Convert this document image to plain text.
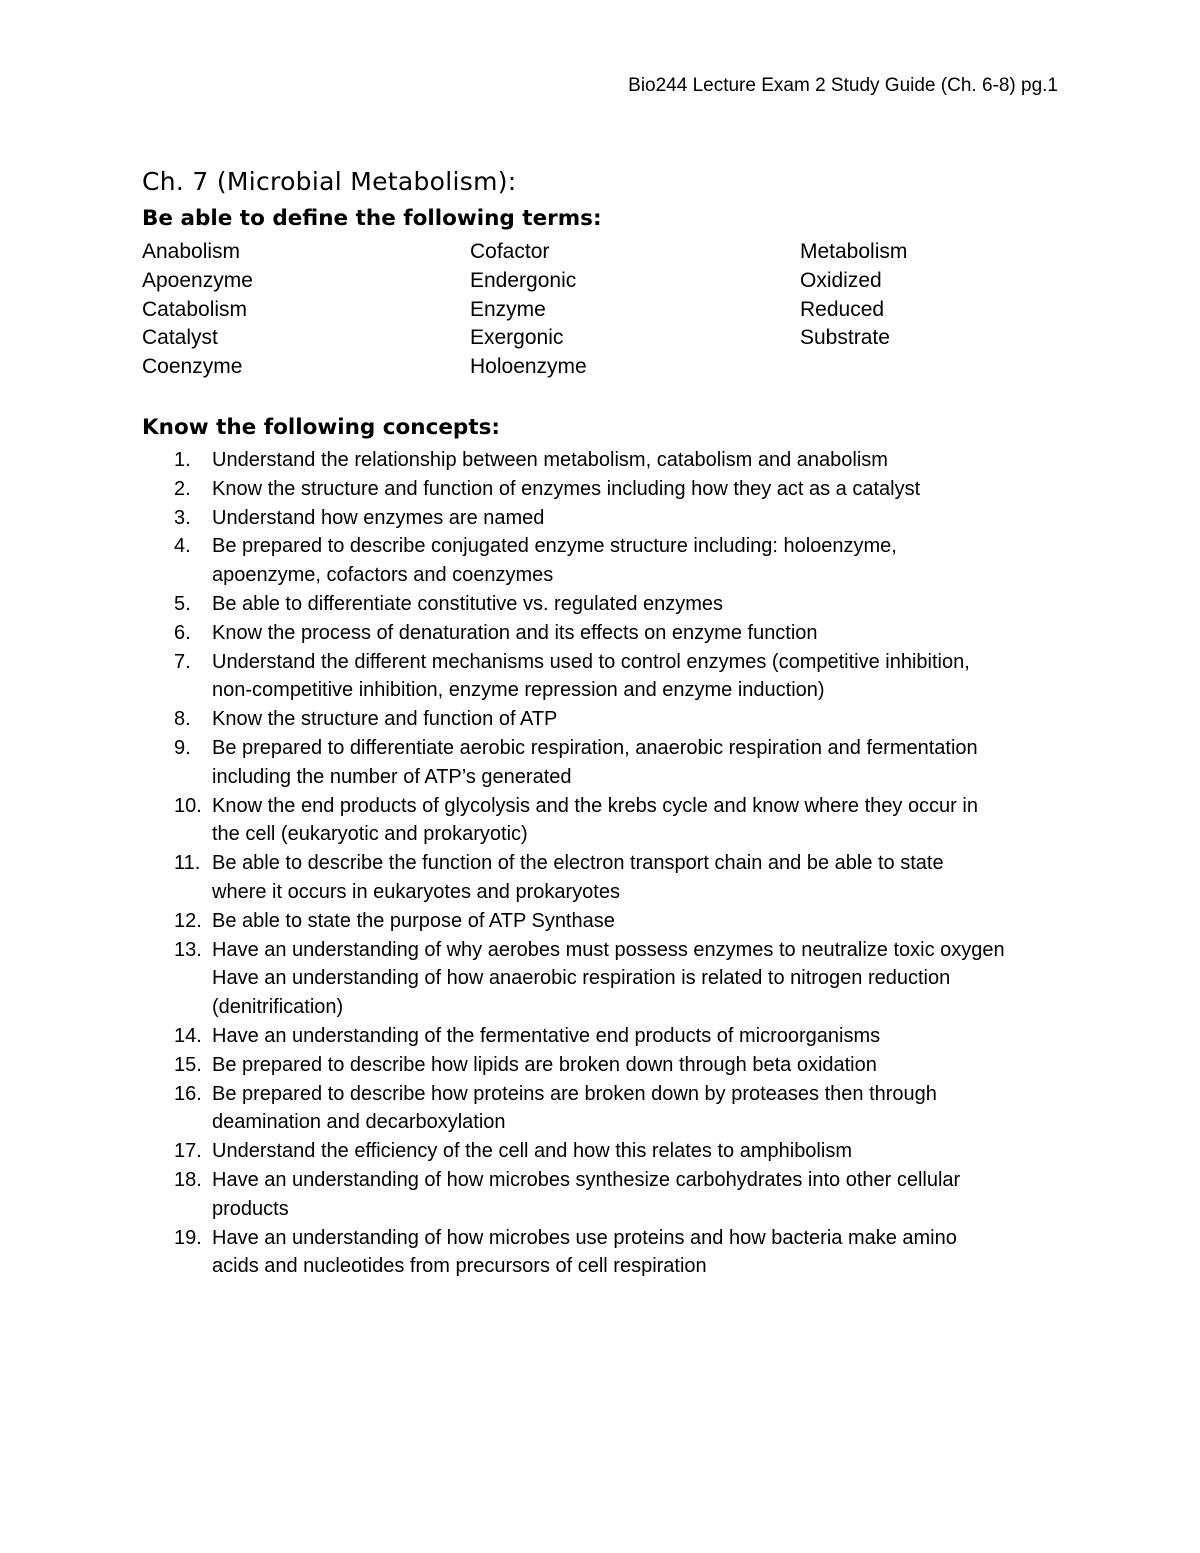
Bio244 Lecture Exam 2 Study Guide (Ch. 6-8) pg.1
Ch. 7 (Microbial Metabolism):
Be able to define the following terms:
Anabolism
Apoenzyme
Catabolism
Catalyst
Coenzyme
Cofactor
Endergonic
Enzyme
Exergonic
Holoenzyme
Metabolism
Oxidized
Reduced
Substrate
Know the following concepts:
1. Understand the relationship between metabolism, catabolism and anabolism
2. Know the structure and function of enzymes including how they act as a catalyst
3. Understand how enzymes are named
4. Be prepared to describe conjugated enzyme structure including: holoenzyme,
apoenzyme, cofactors and coenzymes
5. Be able to differentiate constitutive vs. regulated enzymes
6. Know the process of denaturation and its effects on enzyme function
7. Understand the different mechanisms used to control enzymes (competitive inhibition,
non-competitive inhibition, enzyme repression and enzyme induction)
8. Know the structure and function of ATP
9. Be prepared to differentiate aerobic respiration, anaerobic respiration and fermentation
including the number of ATP’s generated
10. Know the end products of glycolysis and the krebs cycle and know where they occur in
the cell (eukaryotic and prokaryotic)
11. Be able to describe the function of the electron transport chain and be able to state
where it occurs in eukaryotes and prokaryotes
12. Be able to state the purpose of ATP Synthase
13. Have an understanding of why aerobes must possess enzymes to neutralize toxic oxygen
Have an understanding of how anaerobic respiration is related to nitrogen reduction
(denitrification)
14. Have an understanding of the fermentative end products of microorganisms
15. Be prepared to describe how lipids are broken down through beta oxidation
16. Be prepared to describe how proteins are broken down by proteases then through
deamination and decarboxylation
17. Understand the efficiency of the cell and how this relates to amphibolism
18. Have an understanding of how microbes synthesize carbohydrates into other cellular
products
19. Have an understanding of how microbes use proteins and how bacteria make amino
acids and nucleotides from precursors of cell respiration
